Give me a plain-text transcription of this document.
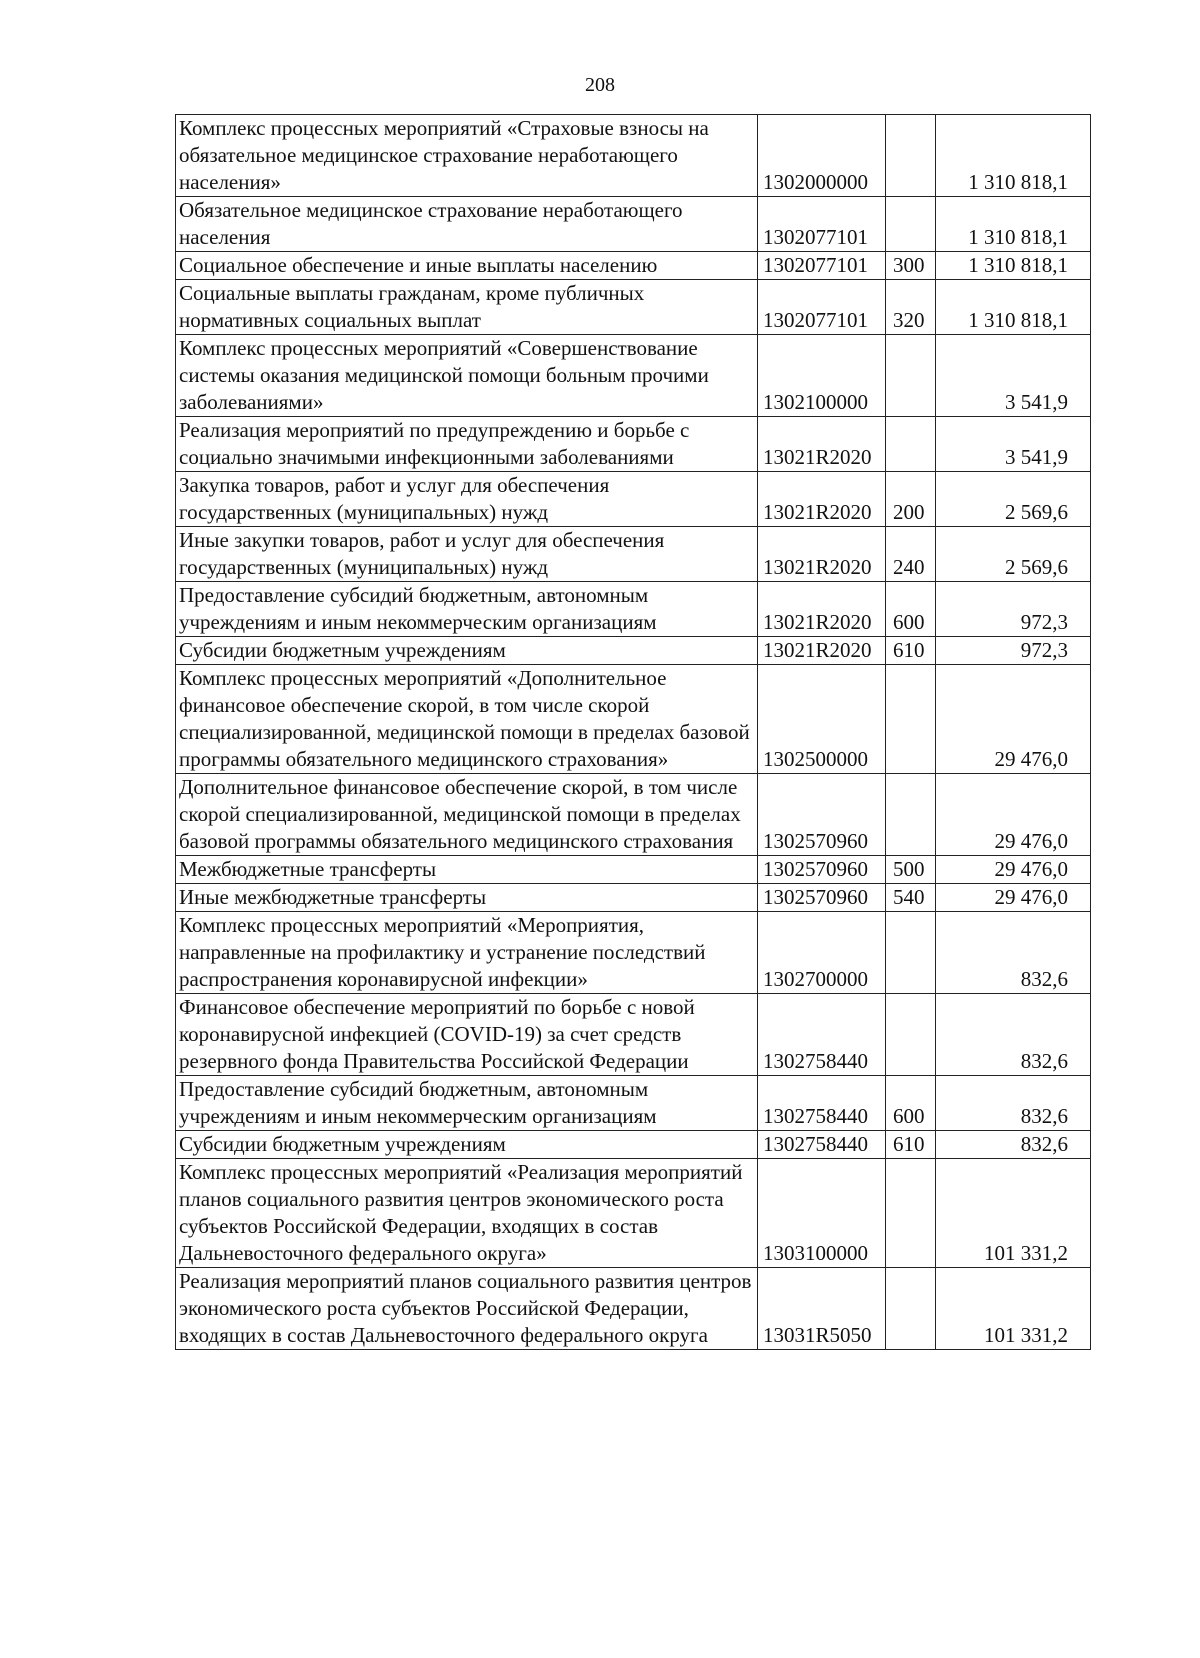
208
Комплекс процессных мероприятий «Страховые взносы на обязательное медицинское страхование неработающего населения»	1302000000		1 310 818,1
Обязательное медицинское страхование неработающего населения	1302077101		1 310 818,1
Социальное обеспечение и иные выплаты населению	1302077101	300	1 310 818,1
Социальные выплаты гражданам, кроме публичных нормативных социальных выплат	1302077101	320	1 310 818,1
Комплекс процессных мероприятий «Совершенствование системы оказания медицинской помощи больным прочими заболеваниями»	1302100000		3 541,9
Реализация мероприятий по предупреждению и борьбе с социально значимыми инфекционными заболеваниями	13021R2020		3 541,9
Закупка товаров, работ и услуг для обеспечения государственных (муниципальных) нужд	13021R2020	200	2 569,6
Иные закупки товаров, работ и услуг для обеспечения государственных (муниципальных) нужд	13021R2020	240	2 569,6
Предоставление субсидий бюджетным, автономным учреждениям и иным некоммерческим организациям	13021R2020	600	972,3
Субсидии бюджетным учреждениям	13021R2020	610	972,3
Комплекс процессных мероприятий «Дополнительное финансовое обеспечение скорой, в том числе скорой специализированной, медицинской помощи в пределах базовой программы обязательного медицинского страхования»	1302500000		29 476,0
Дополнительное финансовое обеспечение скорой, в том числе скорой специализированной, медицинской помощи в пределах базовой программы обязательного медицинского страхования	1302570960		29 476,0
Межбюджетные трансферты	1302570960	500	29 476,0
Иные межбюджетные трансферты	1302570960	540	29 476,0
Комплекс процессных мероприятий «Мероприятия, направленные на профилактику и устранение последствий распространения коронавирусной инфекции»	1302700000		832,6
Финансовое обеспечение мероприятий по борьбе с новой коронавирусной инфекцией (COVID-19) за счет средств резервного фонда Правительства Российской Федерации	1302758440		832,6
Предоставление субсидий бюджетным, автономным учреждениям и иным некоммерческим организациям	1302758440	600	832,6
Субсидии бюджетным учреждениям	1302758440	610	832,6
Комплекс процессных мероприятий «Реализация мероприятий планов социального развития центров экономического роста субъектов Российской Федерации, входящих в состав Дальневосточного федерального округа»	1303100000		101 331,2
Реализация мероприятий планов социального развития центров экономического роста субъектов Российской Федерации, входящих в состав Дальневосточного федерального округа	13031R5050		101 331,2
